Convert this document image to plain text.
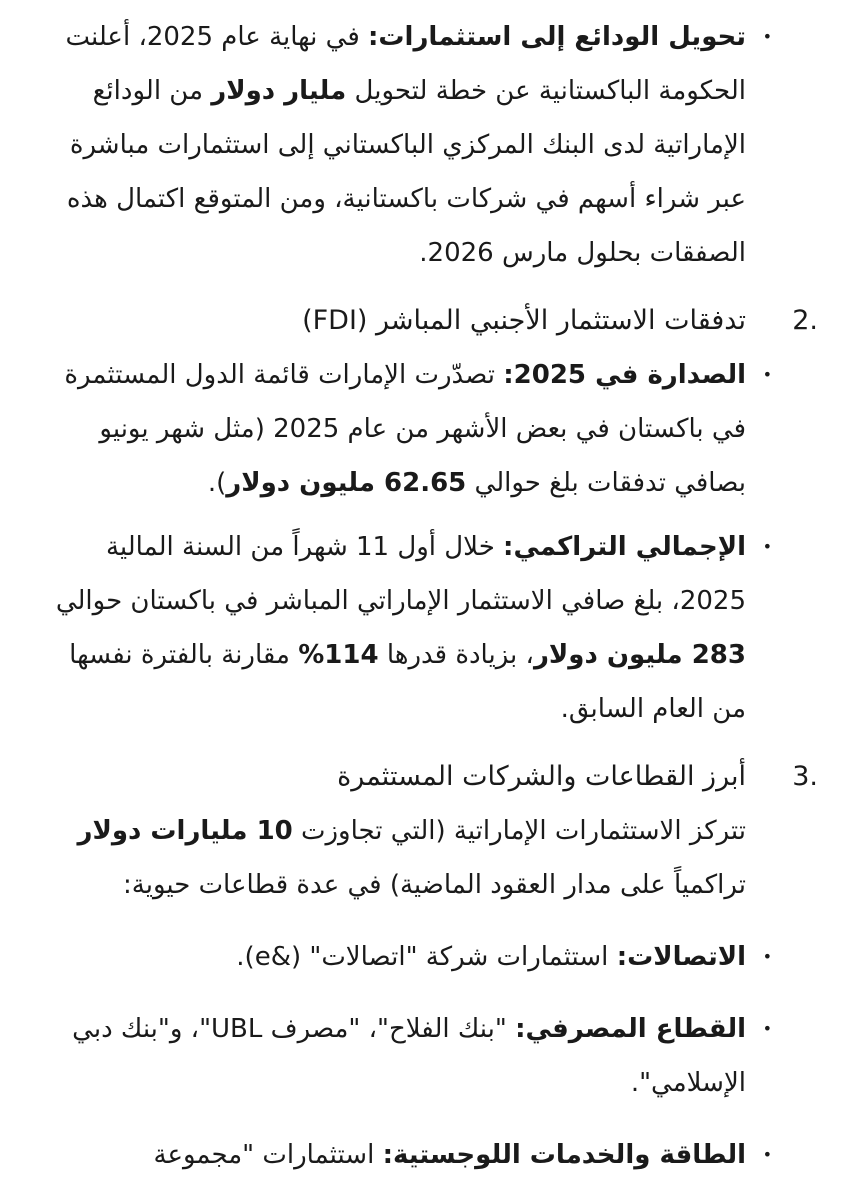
• تحويل الودائع إلى استثمارات: في نهاية عام 2025، أعلنت الحكومة الباكستانية عن خطة لتحويل مليار دولار من الودائع الإماراتية لدى البنك المركزي الباكستاني إلى استثمارات مباشرة عبر شراء أسهم في شركات باكستانية، ومن المتوقع اكتمال هذه الصفقات بحلول مارس 2026.

2.
تدفقات الاستثمار الأجنبي المباشر (FDI)

• الصدارة في 2025: تصدّرت الإمارات قائمة الدول المستثمرة في باكستان في بعض الأشهر من عام 2025 (مثل شهر يونيو بصافي تدفقات بلغ حوالي 62.65 مليون دولار).

• الإجمالي التراكمي: خلال أول 11 شهراً من السنة المالية 2025، بلغ صافي الاستثمار الإماراتي المباشر في باكستان حوالي 283 مليون دولار، بزيادة قدرها 114% مقارنة بالفترة نفسها من العام السابق.

3.
أبرز القطاعات والشركات المستثمرة

تتركز الاستثمارات الإماراتية (التي تجاوزت 10 مليارات دولار تراكمياً على مدار العقود الماضية) في عدة قطاعات حيوية:

• الاتصالات: استثمارات شركة "اتصالات" (&e).

• القطاع المصرفي: "بنك الفلاح"، "مصرف UBL"، و"بنك دبي الإسلامي".

• الطاقة والخدمات اللوجستية: استثمارات "مجموعة
